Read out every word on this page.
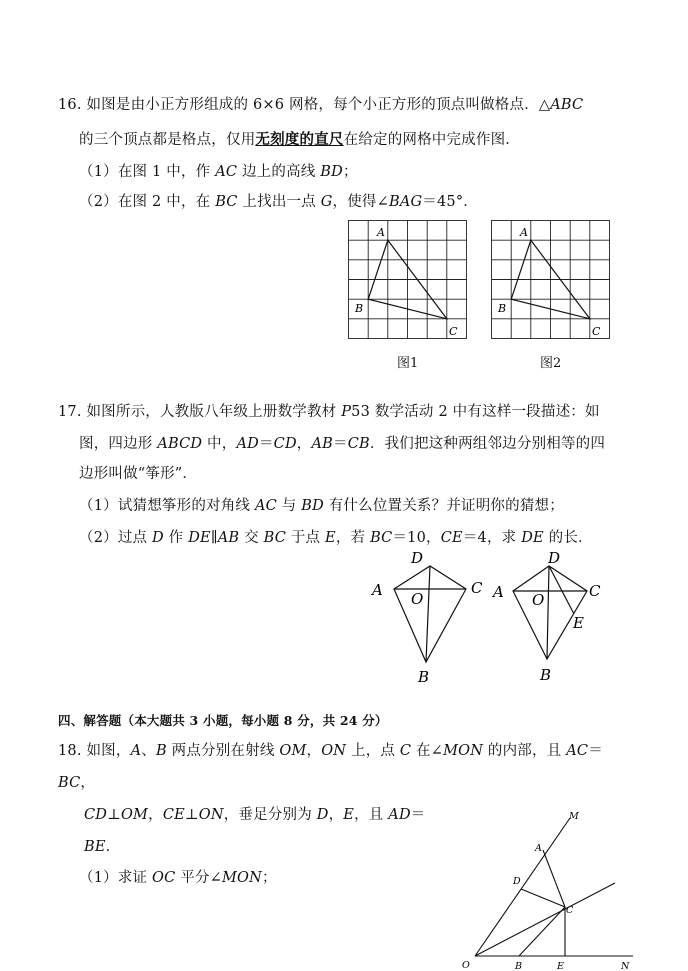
16. 如图是由小正方形组成的 6×6 网格，每个小正方形的顶点叫做格点．△ABC
的三个顶点都是格点，仅用无刻度的直尺在给定的网格中完成作图．
（1）在图 1 中，作 AC 边上的高线 BD；
（2）在图 2 中，在 BC 上找出一点 G，使得∠BAG＝45°．
A
B
C
图1
A
B
C
图2
17. 如图所示，人教版八年级上册数学教材 P53 数学活动 2 中有这样一段描述：如
图，四边形 ABCD 中，AD＝CD，AB＝CB．我们把这种两组邻边分别相等的四
边形叫做“筝形”．
（1）试猜想筝形的对角线 AC 与 BD 有什么位置关系？并证明你的猜想；
（2）过点 D 作 DE∥AB 交 BC 于点 E，若 BC＝10，CE＝4，求 DE 的长．
D
A	C
O
B
D
A	C
O
E
B
四、解答题（本大题共 3 小题，每小题 8 分，共 24 分）
18. 如图，A、B 两点分别在射线 OM，ON 上，点 C 在∠MON 的内部，且 AC＝
BC，
CD⊥OM，CE⊥ON，垂足分别为 D，E，且 AD＝
BE．
（1）求证 OC 平分∠MON；
M
A
D
C
O	B	E	N
